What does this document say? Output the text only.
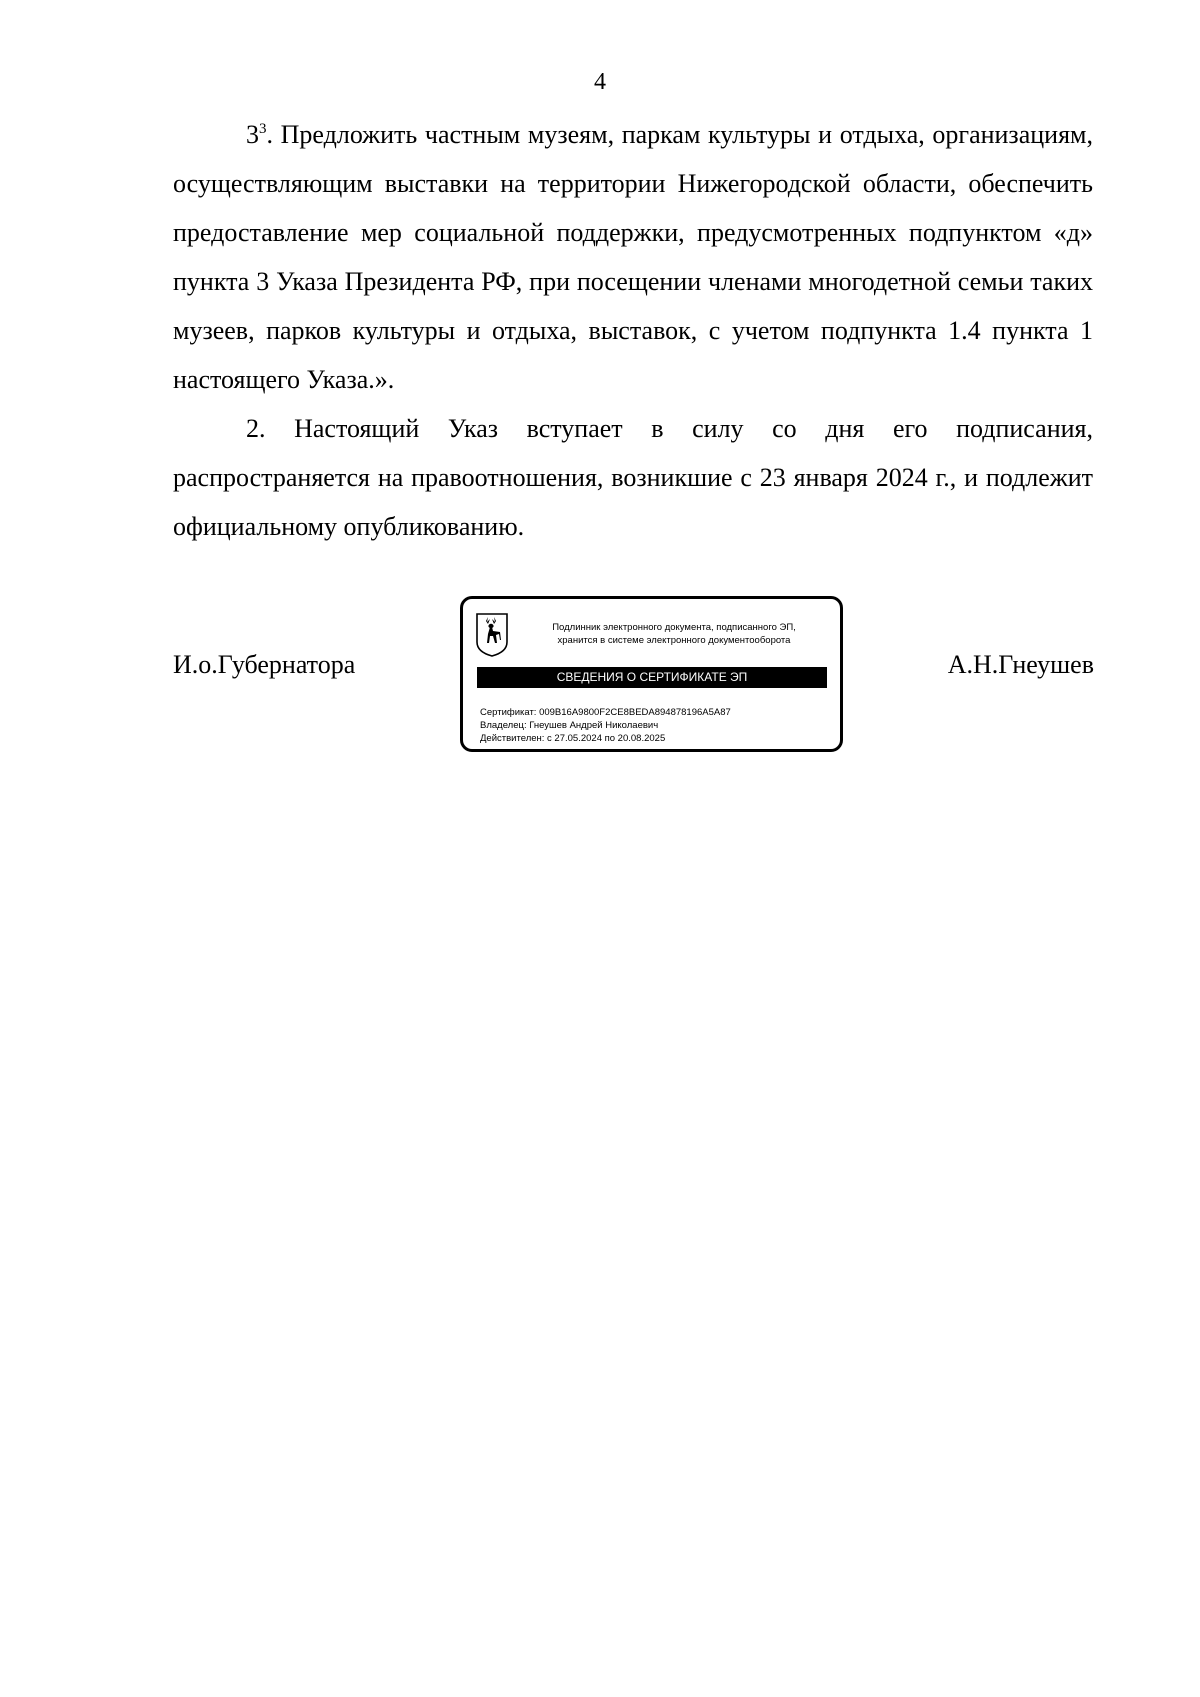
4

$3^3$. Предложить частным музеям, паркам культуры и отдыха, организациям, осуществляющим выставки на территории Нижегородской области, обеспечить предоставление мер социальной поддержки, предусмотренных подпунктом «д» пункта 3 Указа Президента РФ, при посещении членами многодетной семьи таких музеев, парков культуры и отдыха, выставок, с учетом подпункта 1.4 пункта 1 настоящего Указа.».

2. Настоящий Указ вступает в силу со дня его подписания, распространяется на правоотношения, возникшие с 23 января 2024 г., и подлежит официальному опубликованию.

И.о.Губернатора
Подлинник электронного документа, подписанного ЭП,
хранится в системе электронного документооборота
СВЕДЕНИЯ О СЕРТИФИКАТЕ ЭП
Сертификат: 009B16A9800F2CE8BEDA894878196A5A87
Владелец: Гнеушев Андрей Николаевич
Действителен: с 27.05.2024 по 20.08.2025
А.Н.Гнеушев
